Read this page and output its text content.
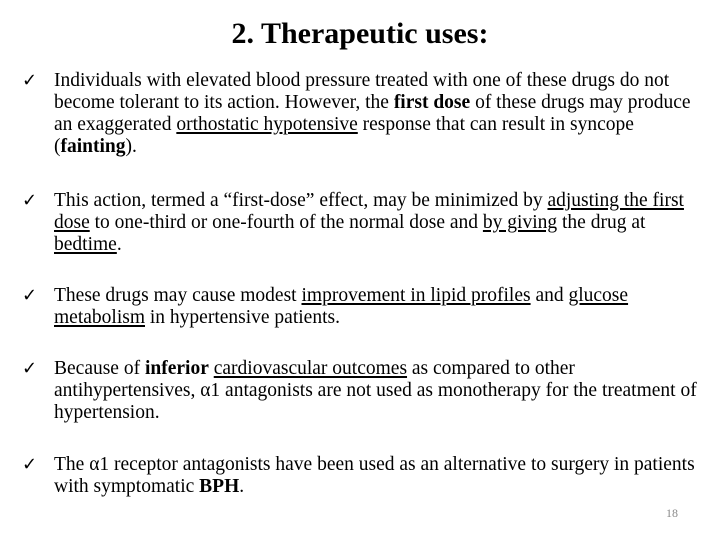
2. Therapeutic uses:
✓ Individuals with elevated blood pressure treated with one of these drugs do not become tolerant to its action. However, the first dose of these drugs may produce an exaggerated orthostatic hypotensive response that can result in syncope (fainting).
✓ This action, termed a “first-dose” effect, may be minimized by adjusting the first dose to one-third or one-fourth of the normal dose and by giving the drug at bedtime.
✓ These drugs may cause modest improvement in lipid profiles and glucose metabolism in hypertensive patients.
✓ Because of inferior cardiovascular outcomes as compared to other antihypertensives, α1 antagonists are not used as monotherapy for the treatment of hypertension.
✓ The α1 receptor antagonists have been used as an alternative to surgery in patients with symptomatic BPH.
18
